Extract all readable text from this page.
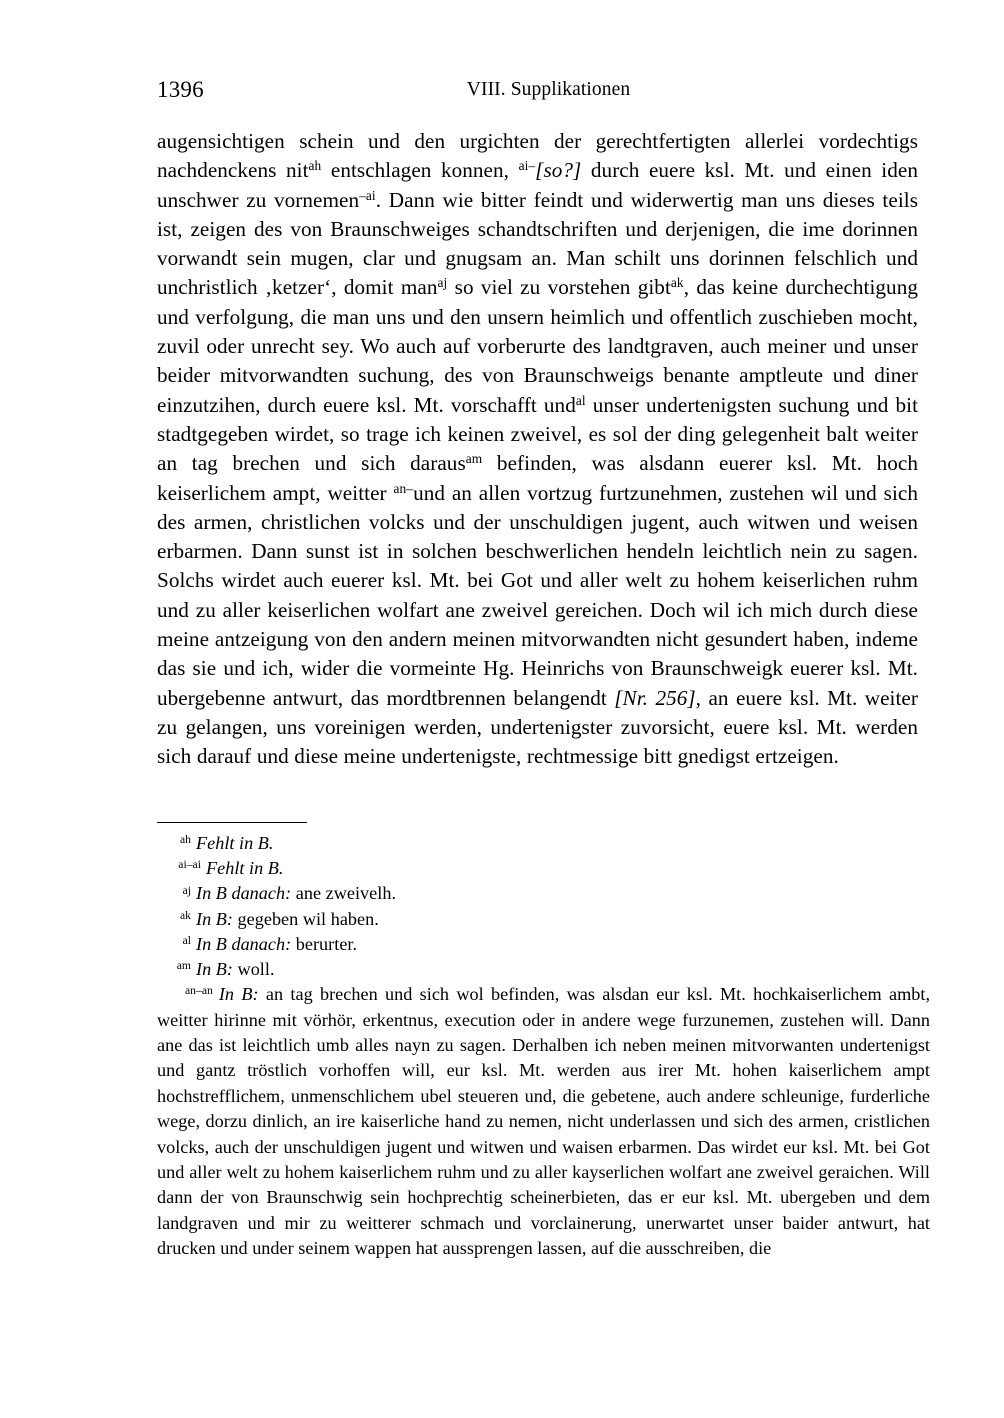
1396	VIII. Supplikationen

augensichtigen schein und den urgichten der gerechtfertigten allerlei vordechtigs nachdenckens nit$^{ah}$ entschlagen konnen, $^{ai-}$[so?] durch euere ksl. Mt. und einen iden unschwer zu vornemen$^{-ai}$. Dann wie bitter feindt und widerwertig man uns dieses teils ist, zeigen des von Braunschweiges schandtschriften und derjenigen, die ime dorinnen vorwandt sein mugen, clar und gnugsam an. Man schilt uns dorinnen felschlich und unchristlich ‚ketzer‘, domit man$^{aj}$ so viel zu vorstehen gibt$^{ak}$, das keine durchechtigung und verfolgung, die man uns und den unsern heimlich und offentlich zuschieben mocht, zuvil oder unrecht sey. Wo auch auf vorberurte des landtgraven, auch meiner und unser beider mitvorwandten suchung, des von Braunschweigs benante amptleute und diner einzutzihen, durch euere ksl. Mt. vorschafft und$^{al}$ unser undertenigsten suchung und bit stadtgegeben wirdet, so trage ich keinen zweivel, es sol der ding gelegenheit balt weiter an tag brechen und sich daraus$^{am}$ befinden, was alsdann euerer ksl. Mt. hoch keiserlichem ampt, weitter $^{an-}$und an allen vortzug furtzunehmen, zustehen wil und sich des armen, christlichen volcks und der unschuldigen jugent, auch witwen und weisen erbarmen. Dann sunst ist in solchen beschwerlichen hendeln leichtlich nein zu sagen. Solchs wirdet auch euerer ksl. Mt. bei Got und aller welt zu hohem keiserlichen ruhm und zu aller keiserlichen wolfart ane zweivel gereichen. Doch wil ich mich durch diese meine antzeigung von den andern meinen mitvorwandten nicht gesundert haben, indeme das sie und ich, wider die vormeinte Hg. Heinrichs von Braunschweigk euerer ksl. Mt. ubergebenne antwurt, das mordtbrennen belangendt [Nr. 256], an euere ksl. Mt. weiter zu gelangen, uns voreinigen werden, undertenigster zuvorsicht, euere ksl. Mt. werden sich darauf und diese meine undertenigste, rechtmessige bitt gnedigst ertzeigen.

ah Fehlt in B.

ai–ai Fehlt in B.

aj In B danach: ane zweivelh.

ak In B: gegeben wil haben.

al In B danach: berurter.

am In B: woll.

$^{an-an}$ In B: an tag brechen und sich wol befinden, was alsdan eur ksl. Mt. hochkaiserlichem ambt, weitter hirinne mit vörhör, erkentnus, execution oder in andere wege furzunemen, zustehen will. Dann ane das ist leichtlich umb alles nayn zu sagen. Derhalben ich neben meinen mitvorwanten undertenigst und gantz tröstlich vorhoffen will, eur ksl. Mt. werden aus irer Mt. hohen kaiserlichem ampt hochstrefflichem, unmenschlichem ubel steueren und, die gebetene, auch andere schleunige, furderliche wege, dorzu dinlich, an ire kaiserliche hand zu nemen, nicht underlassen und sich des armen, cristlichen volcks, auch der unschuldigen jugent und witwen und waisen erbarmen. Das wirdet eur ksl. Mt. bei Got und aller welt zu hohem kaiserlichem ruhm und zu aller kayserlichen wolfart ane zweivel geraichen. Will dann der von Braunschwig sein hochprechtig scheinerbieten, das er eur ksl. Mt. ubergeben und dem landgraven und mir zu weitterer schmach und vorclainerung, unerwartet unser baider antwurt, hat drucken und under seinem wappen hat aussprengen lassen, auf die ausschreiben, die
